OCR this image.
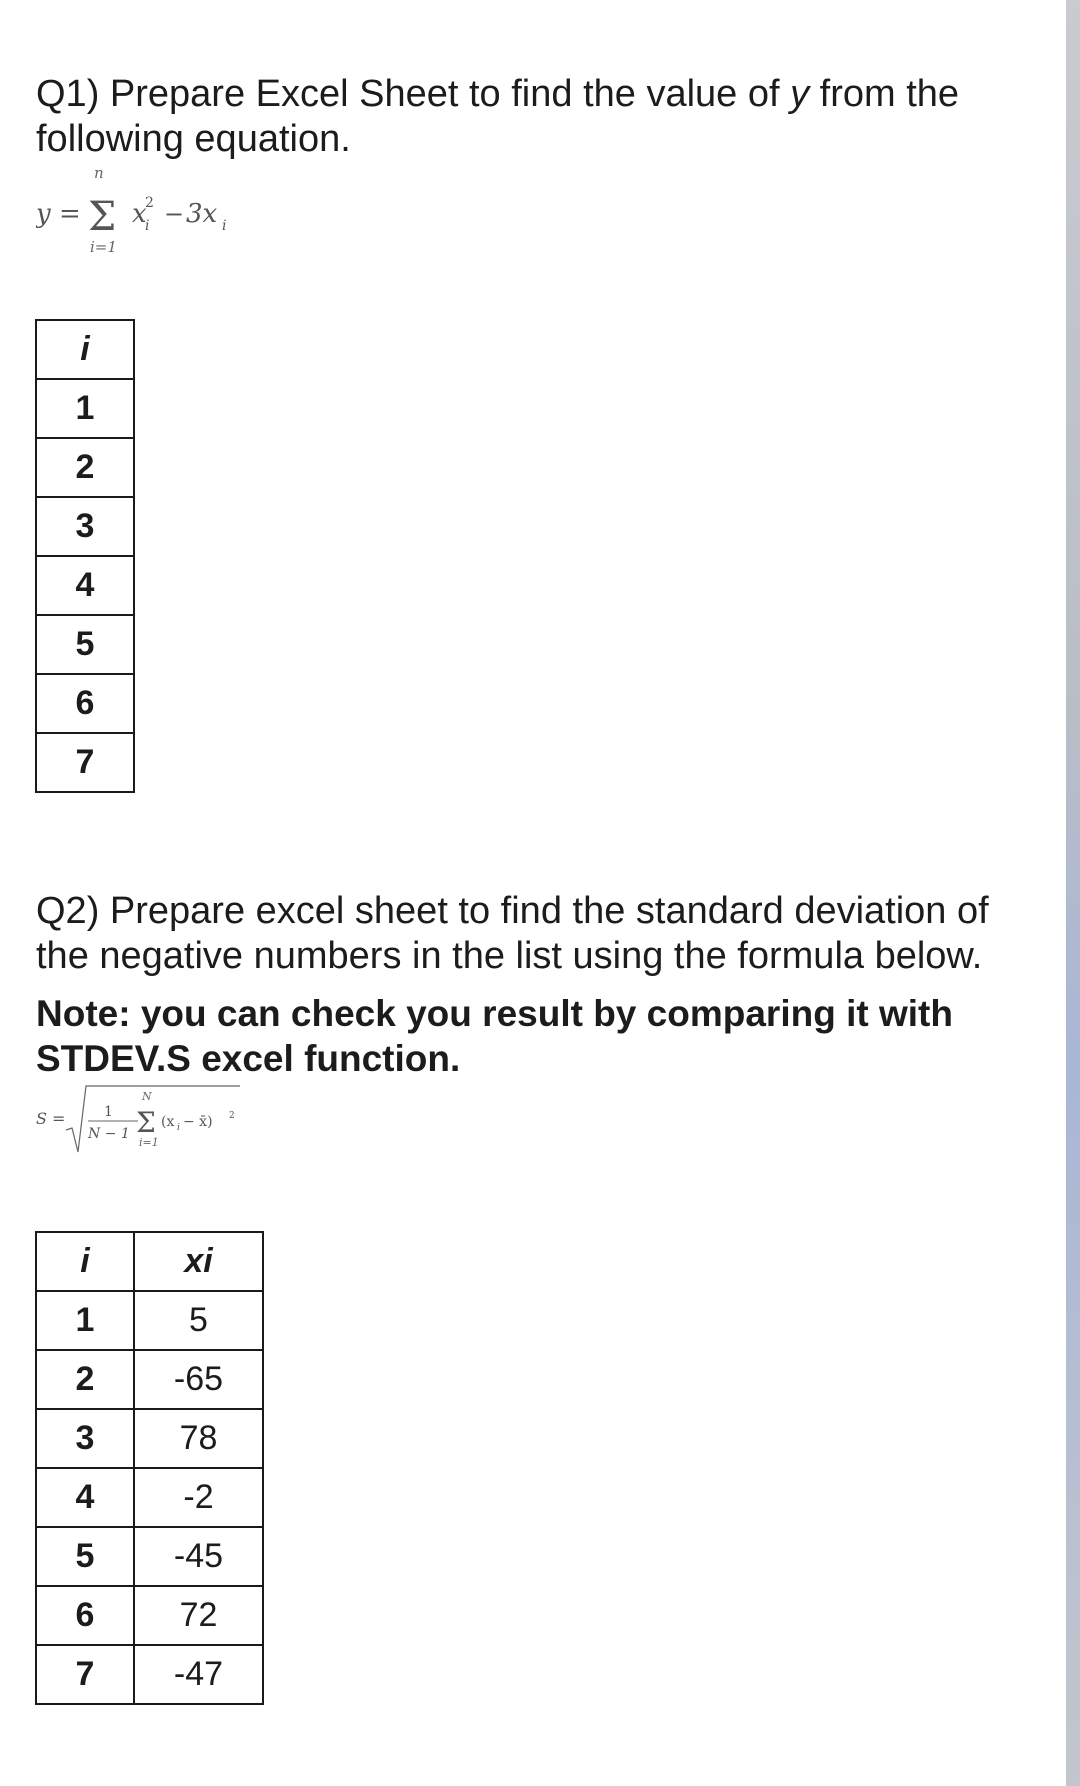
Q1) Prepare Excel Sheet to find the value of y from the following equation.
y =
n
Σ
i=1
x
i
2 − 3x i
i
1
2
3
4
5
6
7
Q2) Prepare excel sheet to find the standard deviation of the negative numbers in the list using the formula below.
Note: you can check you result by comparing it with STDEV.S excel function.
S =	1
N − 1
N
Σ
i=1
(x i − x̄) 2
i	xi
1	5
2	-65
3	78
4	-2
5	-45
6	72
7	-47
